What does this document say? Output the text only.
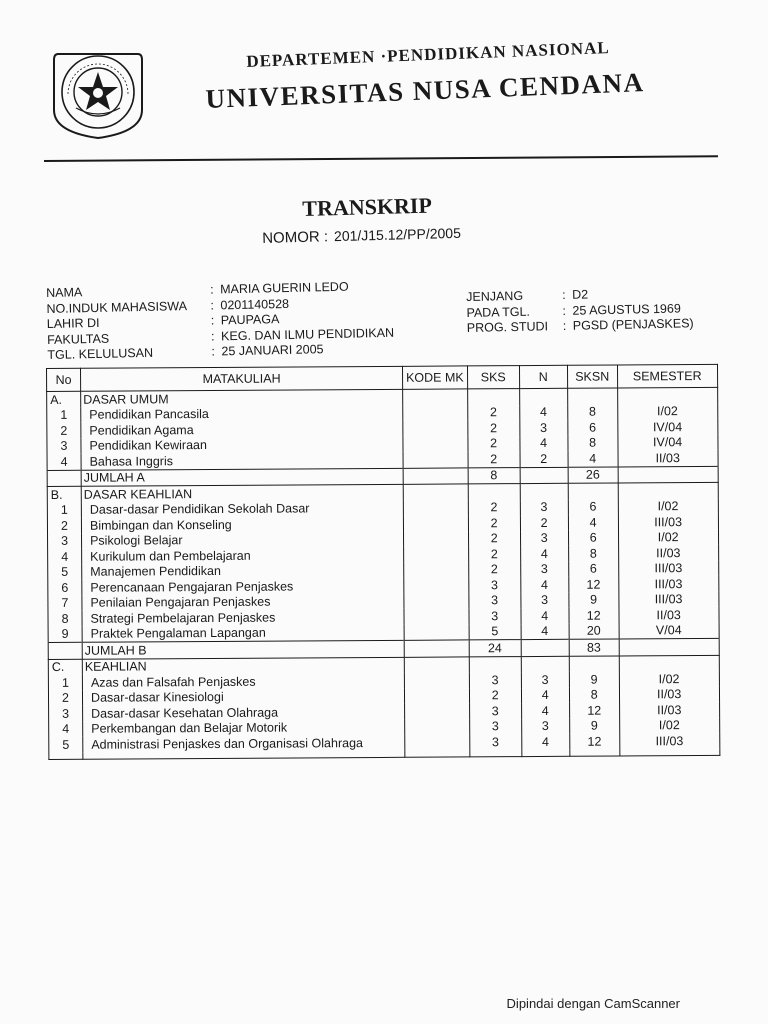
DEPARTEMEN ·PENDIDIKAN NASIONAL
UNIVERSITAS NUSA CENDANA
TRANSKRIP
NOMOR : 201/J15.12/PP/2005
NAMA	: MARIA GUERIN LEDO
NO.INDUK MAHASISWA	: 0201140528
LAHIR DI	: PAUPAGA
FAKULTAS	: KEG. DAN ILMU PENDIDIKAN
TGL. KELULUSAN	: 25 JANUARI 2005
JENJANG	: D2
PADA TGL.	: 25 AGUSTUS 1969
PROG. STUDI	: PGSD (PENJASKES)
No	MATAKULIAH	KODE MK	SKS	N	SKSN	SEMESTER
A.	DASAR UMUM					
1	Pendidikan Pancasila		2	4	8	I/02
2	Pendidikan Agama		2	3	6	IV/04
3	Pendidikan Kewiraan		2	4	8	IV/04
4	Bahasa Inggris		2	2	4	II/03
	JUMLAH A		8		26	
B.	DASAR KEAHLIAN					
1	Dasar-dasar Pendidikan Sekolah Dasar		2	3	6	I/02
2	Bimbingan dan Konseling		2	2	4	III/03
3	Psikologi Belajar		2	3	6	I/02
4	Kurikulum dan Pembelajaran		2	4	8	II/03
5	Manajemen Pendidikan		2	3	6	III/03
6	Perencanaan Pengajaran Penjaskes		3	4	12	III/03
7	Penilaian Pengajaran Penjaskes		3	3	9	III/03
8	Strategi Pembelajaran Penjaskes		3	4	12	II/03
9	Praktek Pengalaman Lapangan		5	4	20	V/04
	JUMLAH B		24		83	
C.	KEAHLIAN					
1	Azas dan Falsafah Penjaskes		3	3	9	I/02
2	Dasar-dasar Kinesiologi		2	4	8	II/03
3	Dasar-dasar Kesehatan Olahraga		3	4	12	II/03
4	Perkembangan dan Belajar Motorik		3	3	9	I/02
5	Administrasi Penjaskes dan Organisasi Olahraga		3	4	12	III/03

Dipindai dengan CamScanner
